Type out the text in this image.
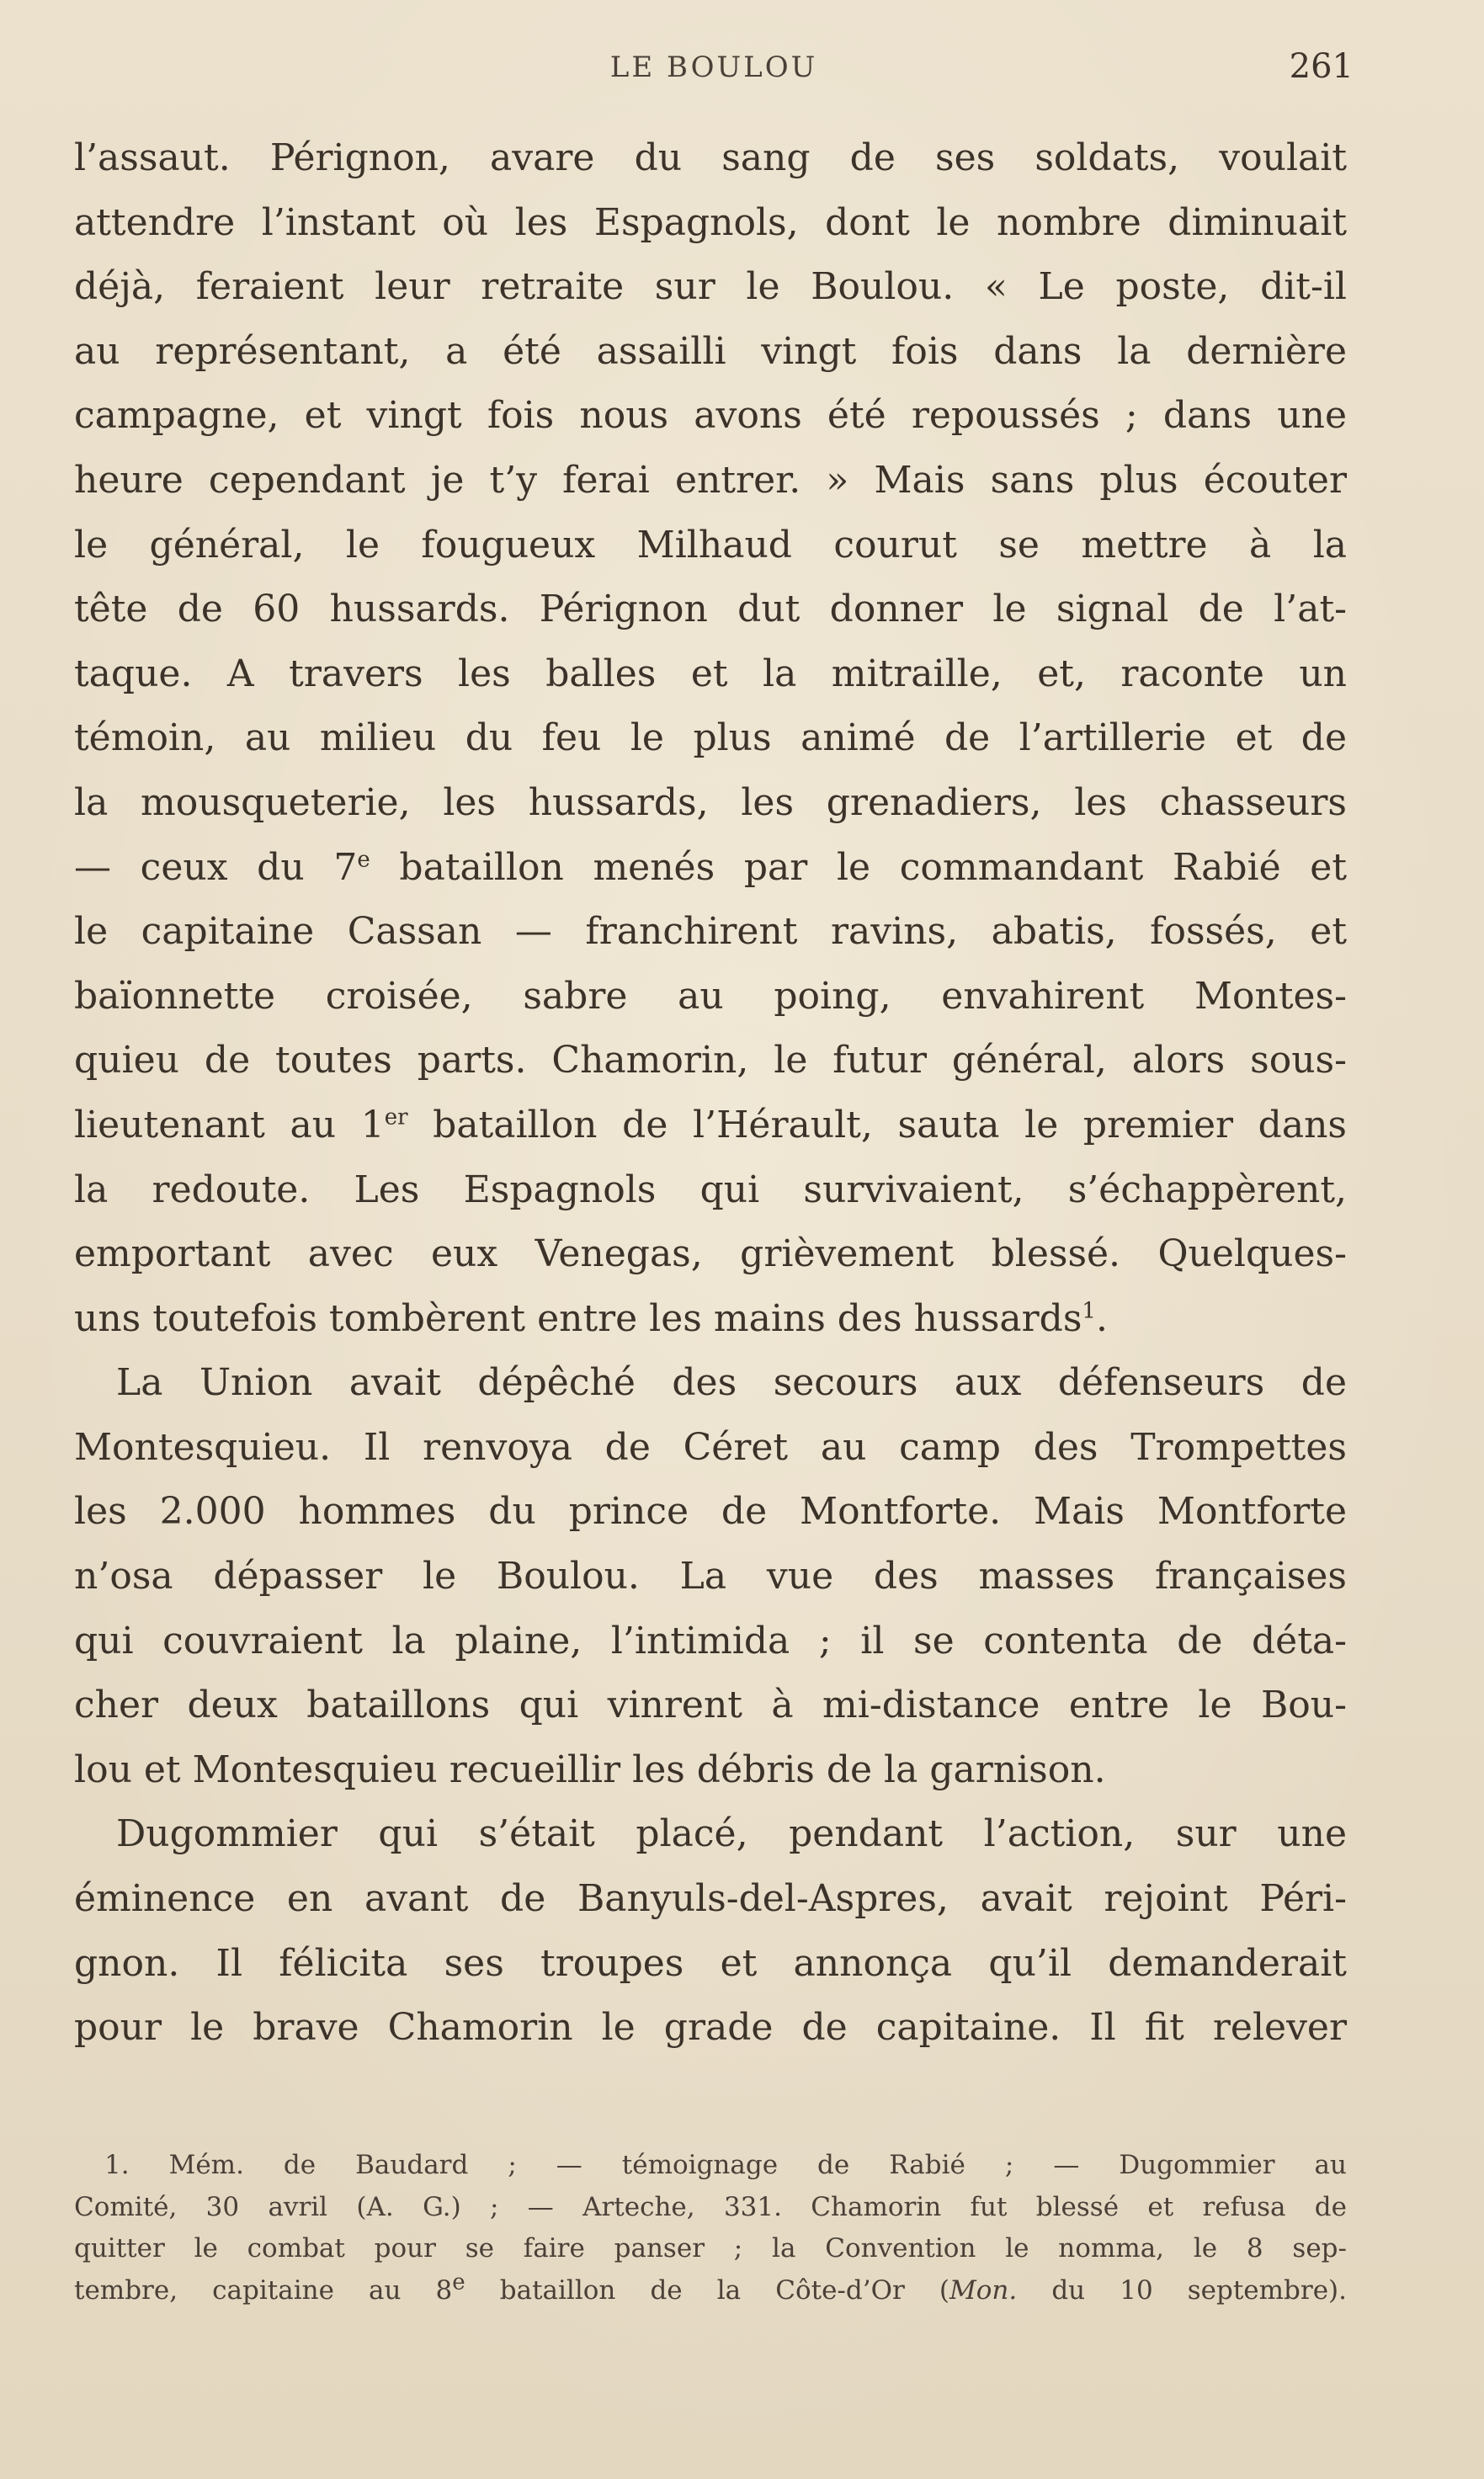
LE BOULOU	261
l’assaut. Pérignon, avare du sang de ses soldats, voulait
attendre l’instant où les Espagnols, dont le nombre diminuait
déjà, feraient leur retraite sur le Boulou. « Le poste, dit-il
au représentant, a été assailli vingt fois dans la dernière
campagne, et vingt fois nous avons été repoussés ; dans une
heure cependant je t’y ferai entrer. » Mais sans plus écouter
le général, le fougueux Milhaud courut se mettre à la
tête de 60 hussards. Pérignon dut donner le signal de l’at-
taque. A travers les balles et la mitraille, et, raconte un
témoin, au milieu du feu le plus animé de l’artillerie et de
la mousqueterie, les hussards, les grenadiers, les chasseurs
— ceux du 7e bataillon menés par le commandant Rabié et
le capitaine Cassan — franchirent ravins, abatis, fossés, et
baïonnette croisée, sabre au poing, envahirent Montes-
quieu de toutes parts. Chamorin, le futur général, alors sous-
lieutenant au 1er bataillon de l’Hérault, sauta le premier dans
la redoute. Les Espagnols qui survivaient, s’échappèrent,
emportant avec eux Venegas, grièvement blessé. Quelques-
uns toutefois tombèrent entre les mains des hussards$^1$.
La Union avait dépêché des secours aux défenseurs de
Montesquieu. Il renvoya de Céret au camp des Trompettes
les 2.000 hommes du prince de Montforte. Mais Montforte
n’osa dépasser le Boulou. La vue des masses françaises
qui couvraient la plaine, l’intimida ; il se contenta de déta-
cher deux bataillons qui vinrent à mi-distance entre le Bou-
lou et Montesquieu recueillir les débris de la garnison.
Dugommier qui s’était placé, pendant l’action, sur une
éminence en avant de Banyuls-del-Aspres, avait rejoint Péri-
gnon. Il félicita ses troupes et annonça qu’il demanderait
pour le brave Chamorin le grade de capitaine. Il fit relever
1. Mém. de Baudard ; — témoignage de Rabié ; — Dugommier au
Comité, 30 avril (A. G.) ; — Arteche, 331. Chamorin fut blessé et refusa de
quitter le combat pour se faire panser ; la Convention le nomma, le 8 sep-
tembre, capitaine au 8e bataillon de la Côte-d’Or (Mon. du 10 septembre).
